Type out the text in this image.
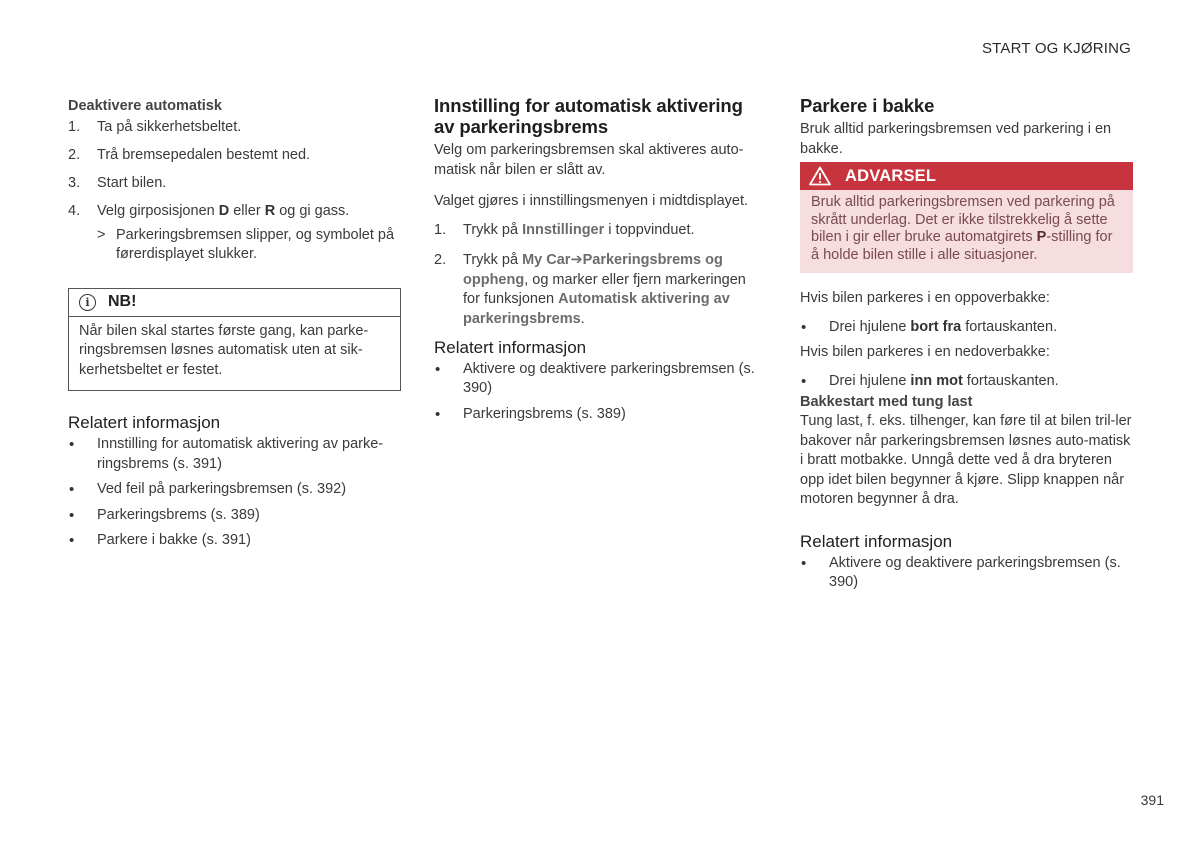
START OG KJØRING
Deaktivere automatisk
1. Ta på sikkerhetsbeltet.
2. Trå bremsepedalen bestemt ned.
3. Start bilen.
4. Velg girposisjonen D eller R og gi gass.
> Parkeringsbremsen slipper, og symbolet på førerdisplayet slukker.
i	NB!
Når bilen skal startes første gang, kan parke-ringsbremsen løsnes automatisk uten at sik-kerhetsbeltet er festet.
Relatert informasjon
• Innstilling for automatisk aktivering av parke-ringsbrems (s. 391)
• Ved feil på parkeringsbremsen (s. 392)
• Parkeringsbrems (s. 389)
• Parkere i bakke (s. 391)
Innstilling for automatisk aktivering av parkeringsbrems

Velg om parkeringsbremsen skal aktiveres auto-matisk når bilen er slått av.

Valget gjøres i innstillingsmenyen i midtdisplayet.

1. Trykk på Innstillinger i toppvinduet.
2. Trykk på My Car➔Parkeringsbrems og oppheng, og marker eller fjern markeringen for funksjonen Automatisk aktivering av parkeringsbrems.
Relatert informasjon
• Aktivere og deaktivere parkeringsbremsen (s. 390)
• Parkeringsbrems (s. 389)
Parkere i bakke

Bruk alltid parkeringsbremsen ved parkering i en bakke.

ADVARSEL
Bruk alltid parkeringsbremsen ved parkering på skrått underlag. Det er ikke tilstrekkelig å sette bilen i gir eller bruke automatgirets P-stilling for å holde bilen stille i alle situasjoner.

Hvis bilen parkeres i en oppoverbakke:

• Drei hjulene bort fra fortauskanten.

Hvis bilen parkeres i en nedoverbakke:

• Drei hjulene inn mot fortauskanten.
Bakkestart med tung last

Tung last, f. eks. tilhenger, kan føre til at bilen tril-ler bakover når parkeringsbremsen løsnes auto-matisk i bratt motbakke. Unngå dette ved å dra bryteren opp idet bilen begynner å kjøre. Slipp knappen når motoren begynner å dra.

Relatert informasjon
• Aktivere og deaktivere parkeringsbremsen (s. 390)
391
